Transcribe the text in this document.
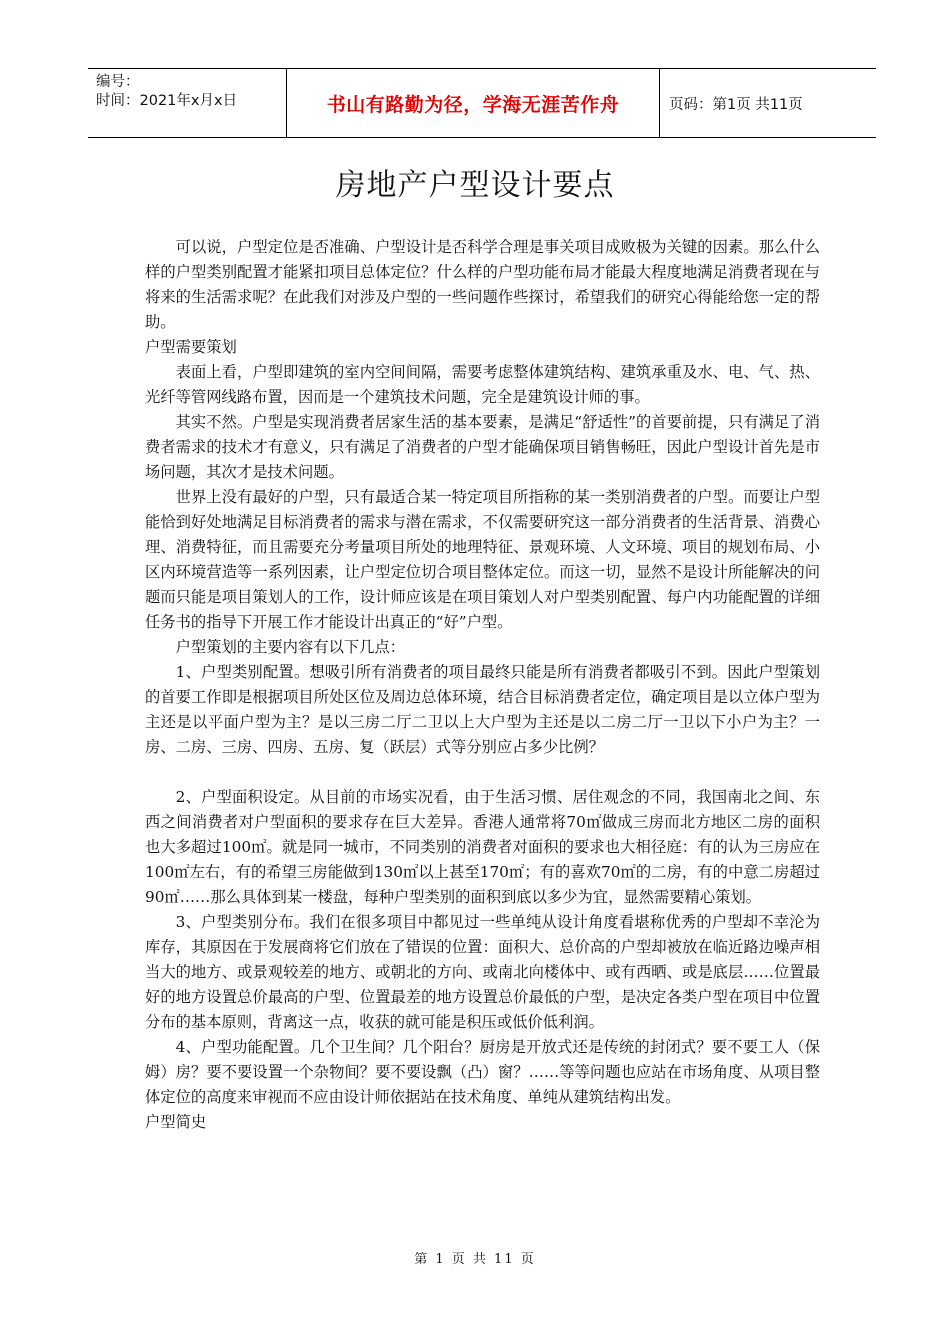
编号：
时间：2021年x月x日	书山有路勤为径，学海无涯苦作舟	页码：第1页 共11页
房地产户型设计要点

可以说，户型定位是否准确、户型设计是否科学合理是事关项目成败极为关键的因素。那么什么样的户型类别配置才能紧扣项目总体定位？什么样的户型功能布局才能最大程度地满足消费者现在与将来的生活需求呢？在此我们对涉及户型的一些问题作些探讨，希望我们的研究心得能给您一定的帮助。

户型需要策划

表面上看，户型即建筑的室内空间间隔，需要考虑整体建筑结构、建筑承重及水、电、气、热、光纤等管网线路布置，因而是一个建筑技术问题，完全是建筑设计师的事。

其实不然。户型是实现消费者居家生活的基本要素，是满足“舒适性”的首要前提，只有满足了消费者需求的技术才有意义，只有满足了消费者的户型才能确保项目销售畅旺，因此户型设计首先是市场问题，其次才是技术问题。

世界上没有最好的户型，只有最适合某一特定项目所指称的某一类别消费者的户型。而要让户型能恰到好处地满足目标消费者的需求与潜在需求，不仅需要研究这一部分消费者的生活背景、消费心理、消费特征，而且需要充分考量项目所处的地理特征、景观环境、人文环境、项目的规划布局、小区内环境营造等一系列因素，让户型定位切合项目整体定位。而这一切，显然不是设计所能解决的问题而只能是项目策划人的工作，设计师应该是在项目策划人对户型类别配置、每户内功能配置的详细任务书的指导下开展工作才能设计出真正的“好”户型。

户型策划的主要内容有以下几点：

1、户型类别配置。想吸引所有消费者的项目最终只能是所有消费者都吸引不到。因此户型策划的首要工作即是根据项目所处区位及周边总体环境，结合目标消费者定位，确定项目是以立体户型为主还是以平面户型为主？是以三房二厅二卫以上大户型为主还是以二房二厅一卫以下小户为主？一房、二房、三房、四房、五房、复（跃层）式等分别应占多少比例？

2、户型面积设定。从目前的市场实况看，由于生活习惯、居住观念的不同，我国南北之间、东西之间消费者对户型面积的要求存在巨大差异。香港人通常将70㎡做成三房而北方地区二房的面积也大多超过100㎡。就是同一城市，不同类别的消费者对面积的要求也大相径庭：有的认为三房应在100㎡左右，有的希望三房能做到130㎡以上甚至170㎡；有的喜欢70㎡的二房，有的中意二房超过90㎡……那么具体到某一楼盘，每种户型类别的面积到底以多少为宜，显然需要精心策划。

3、户型类别分布。我们在很多项目中都见过一些单纯从设计角度看堪称优秀的户型却不幸沦为库存，其原因在于发展商将它们放在了错误的位置：面积大、总价高的户型却被放在临近路边噪声相当大的地方、或景观较差的地方、或朝北的方向、或南北向楼体中、或有西晒、或是底层……位置最好的地方设置总价最高的户型、位置最差的地方设置总价最低的户型，是决定各类户型在项目中位置分布的基本原则，背离这一点，收获的就可能是积压或低价低利润。

4、户型功能配置。几个卫生间？几个阳台？厨房是开放式还是传统的封闭式？要不要工人（保姆）房？要不要设置一个杂物间？要不要设飘（凸）窗？……等等问题也应站在市场角度、从项目整体定位的高度来审视而不应由设计师依据站在技术角度、单纯从建筑结构出发。

户型简史

第 1 页 共 11 页
